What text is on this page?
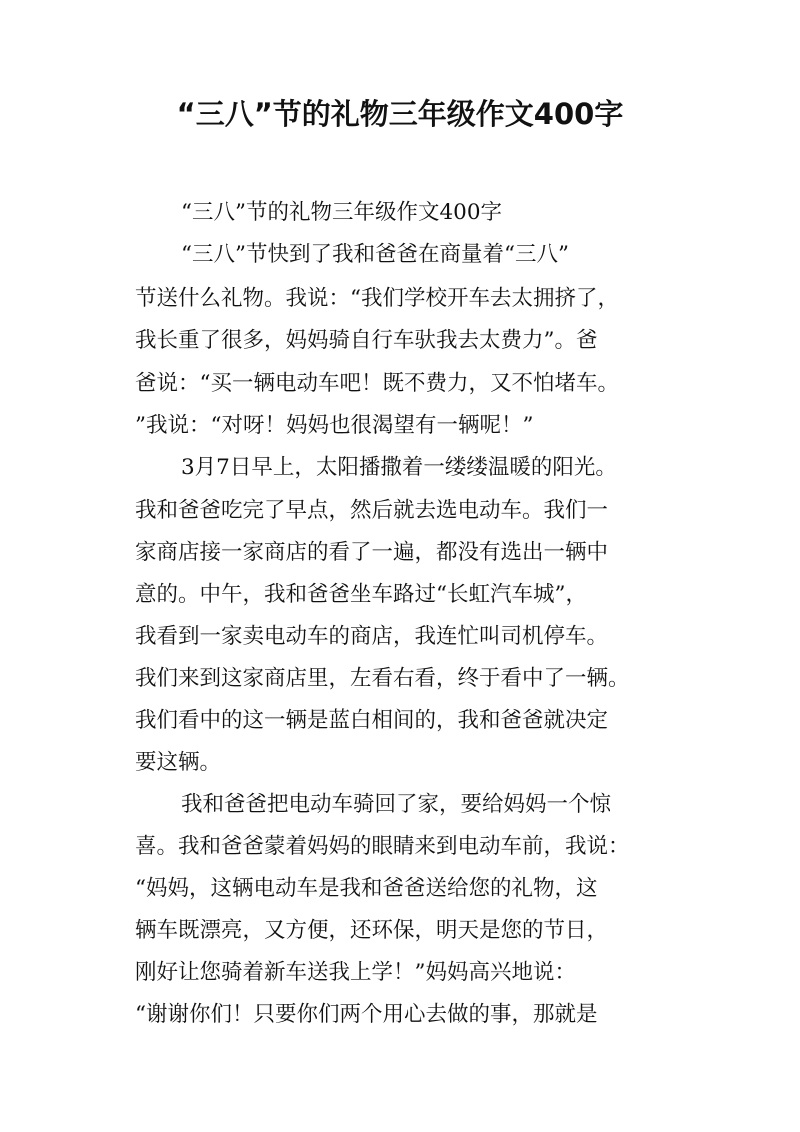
“三八”节的礼物三年级作文400字

“三八”节的礼物三年级作文400字

“三八”节快到了我和爸爸在商量着“三八”

节送什么礼物。我说：“我们学校开车去太拥挤了，

我长重了很多，妈妈骑自行车驮我去太费力”。爸

爸说：“买一辆电动车吧！既不费力，又不怕堵车。

”我说：“对呀！妈妈也很渴望有一辆呢！”

3月7日早上，太阳播撒着一缕缕温暖的阳光。

我和爸爸吃完了早点，然后就去选电动车。我们一

家商店接一家商店的看了一遍，都没有选出一辆中

意的。中午，我和爸爸坐车路过“长虹汽车城”，

我看到一家卖电动车的商店，我连忙叫司机停车。

我们来到这家商店里，左看右看，终于看中了一辆。

我们看中的这一辆是蓝白相间的，我和爸爸就决定

要这辆。

我和爸爸把电动车骑回了家，要给妈妈一个惊

喜。我和爸爸蒙着妈妈的眼睛来到电动车前，我说：

“妈妈，这辆电动车是我和爸爸送给您的礼物，这

辆车既漂亮，又方便，还环保，明天是您的节日，

刚好让您骑着新车送我上学！”妈妈高兴地说：

“谢谢你们！只要你们两个用心去做的事，那就是
